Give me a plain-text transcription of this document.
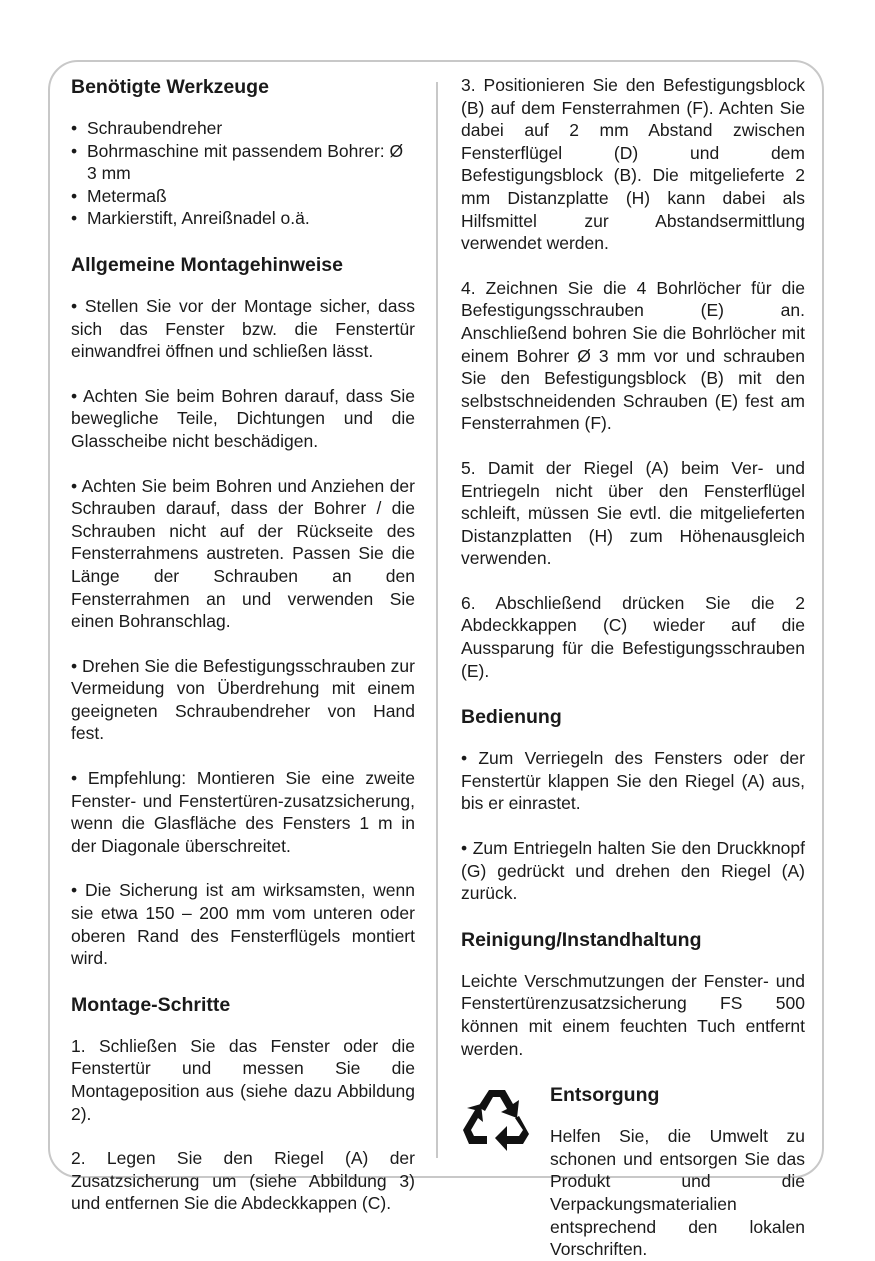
Benötigte Werkzeuge
• Schraubendreher
• Bohrmaschine mit passendem Bohrer: Ø 3 mm
• Metermaß
• Markierstift, Anreißnadel o.ä.
Allgemeine Montagehinweise

• Stellen Sie vor der Montage sicher, dass sich das Fenster bzw. die Fenstertür einwandfrei öffnen und schließen lässt.

• Achten Sie beim Bohren darauf, dass Sie bewegliche Teile, Dichtungen und die Glasscheibe nicht beschädigen.

• Achten Sie beim Bohren und Anziehen der Schrauben darauf, dass der Bohrer / die Schrauben nicht auf der Rückseite des Fensterrahmens austreten. Passen Sie die Länge der Schrauben an den Fensterrahmen an und verwenden Sie einen Bohranschlag.

• Drehen Sie die Befestigungsschrauben zur Vermeidung von Überdrehung mit einem geeigneten Schraubendreher von Hand fest.

• Empfehlung: Montieren Sie eine zweite Fenster- und Fenstertüren-zusatzsicherung, wenn die Glasfläche des Fensters 1 m in der Diagonale überschreitet.

• Die Sicherung ist am wirksamsten, wenn sie etwa 150 – 200 mm vom unteren oder oberen Rand des Fensterflügels montiert wird.

Montage-Schritte

1. Schließen Sie das Fenster oder die Fenstertür und messen Sie die Montageposition aus (siehe dazu Abbildung 2).

2. Legen Sie den Riegel (A) der Zusatzsicherung um (siehe Abbildung 3) und entfernen Sie die Abdeckkappen (C).

3. Positionieren Sie den Befestigungsblock (B) auf dem Fensterrahmen (F). Achten Sie dabei auf 2 mm Abstand zwischen Fensterflügel (D) und dem Befestigungsblock (B). Die mitgelieferte 2 mm Distanzplatte (H) kann dabei als Hilfsmittel zur Abstandsermittlung verwendet werden.

4. Zeichnen Sie die 4 Bohrlöcher für die Befestigungsschrauben (E) an. Anschließend bohren Sie die Bohrlöcher mit einem Bohrer Ø 3 mm vor und schrauben Sie den Befestigungsblock (B) mit den selbstschneidenden Schrauben (E) fest am Fensterrahmen (F).

5. Damit der Riegel (A) beim Ver- und Entriegeln nicht über den Fensterflügel schleift, müssen Sie evtl. die mitgelieferten Distanzplatten (H) zum Höhenausgleich verwenden.

6. Abschließend drücken Sie die 2 Abdeckkappen (C) wieder auf die Aussparung für die Befestigungsschrauben (E).

Bedienung

• Zum Verriegeln des Fensters oder der Fenstertür klappen Sie den Riegel (A) aus, bis er einrastet.

• Zum Entriegeln halten Sie den Druckknopf (G) gedrückt und drehen den Riegel (A) zurück.

Reinigung/Instandhaltung

Leichte Verschmutzungen der Fenster- und Fenstertürenzusatzsicherung FS 500 können mit einem feuchten Tuch entfernt werden.

Entsorgung

Helfen Sie, die Umwelt zu schonen und entsorgen Sie das Produkt und die Verpackungsmaterialien entsprechend den lokalen Vorschriften.
